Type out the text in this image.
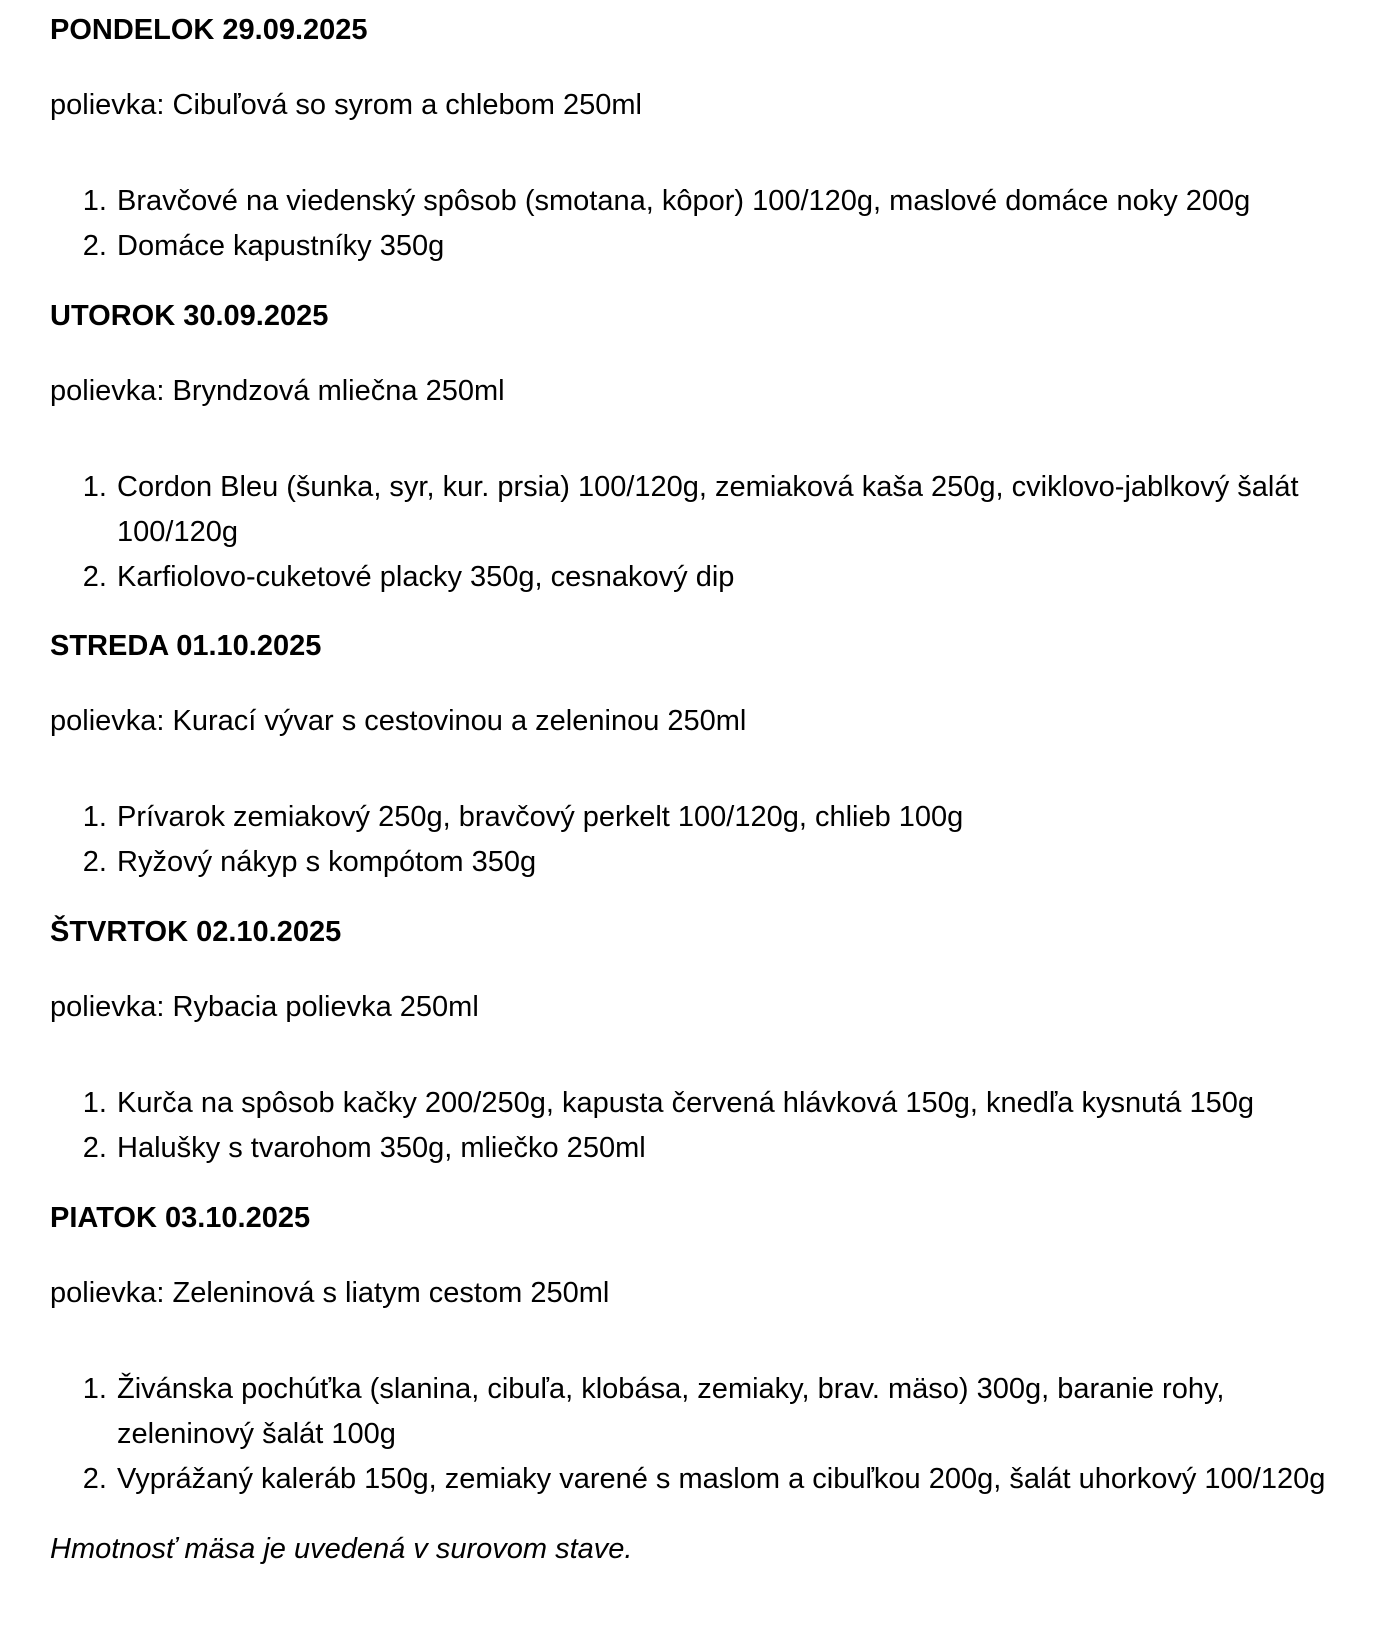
PONDELOK 29.09.2025

polievka: Cibuľová so syrom a chlebom 250ml

1. Bravčové na viedenský spôsob (smotana, kôpor) 100/120g, maslové domáce noky 200g
2. Domáce kapustníky 350g

UTOROK 30.09.2025

polievka: Bryndzová mliečna 250ml

1. Cordon Bleu (šunka, syr, kur. prsia) 100/120g, zemiaková kaša 250g, cviklovo-jablkový šalát 100/120g
2. Karfiolovo-cuketové placky 350g, cesnakový dip

STREDA 01.10.2025

polievka: Kurací vývar s cestovinou a zeleninou 250ml

1. Prívarok zemiakový 250g, bravčový perkelt 100/120g, chlieb 100g
2. Ryžový nákyp s kompótom 350g

ŠTVRTOK 02.10.2025

polievka: Rybacia polievka 250ml

1. Kurča na spôsob kačky 200/250g, kapusta červená hlávková 150g, knedľa kysnutá 150g
2. Halušky s tvarohom 350g, mliečko 250ml

PIATOK 03.10.2025

polievka: Zeleninová s liatym cestom 250ml

1. Živánska pochúťka (slanina, cibuľa, klobása, zemiaky, brav. mäso) 300g, baranie rohy, zeleninový šalát 100g
2. Vyprážaný kaleráb 150g, zemiaky varené s maslom a cibuľkou 200g, šalát uhorkový 100/120g

Hmotnosť mäsa je uvedená v surovom stave.
